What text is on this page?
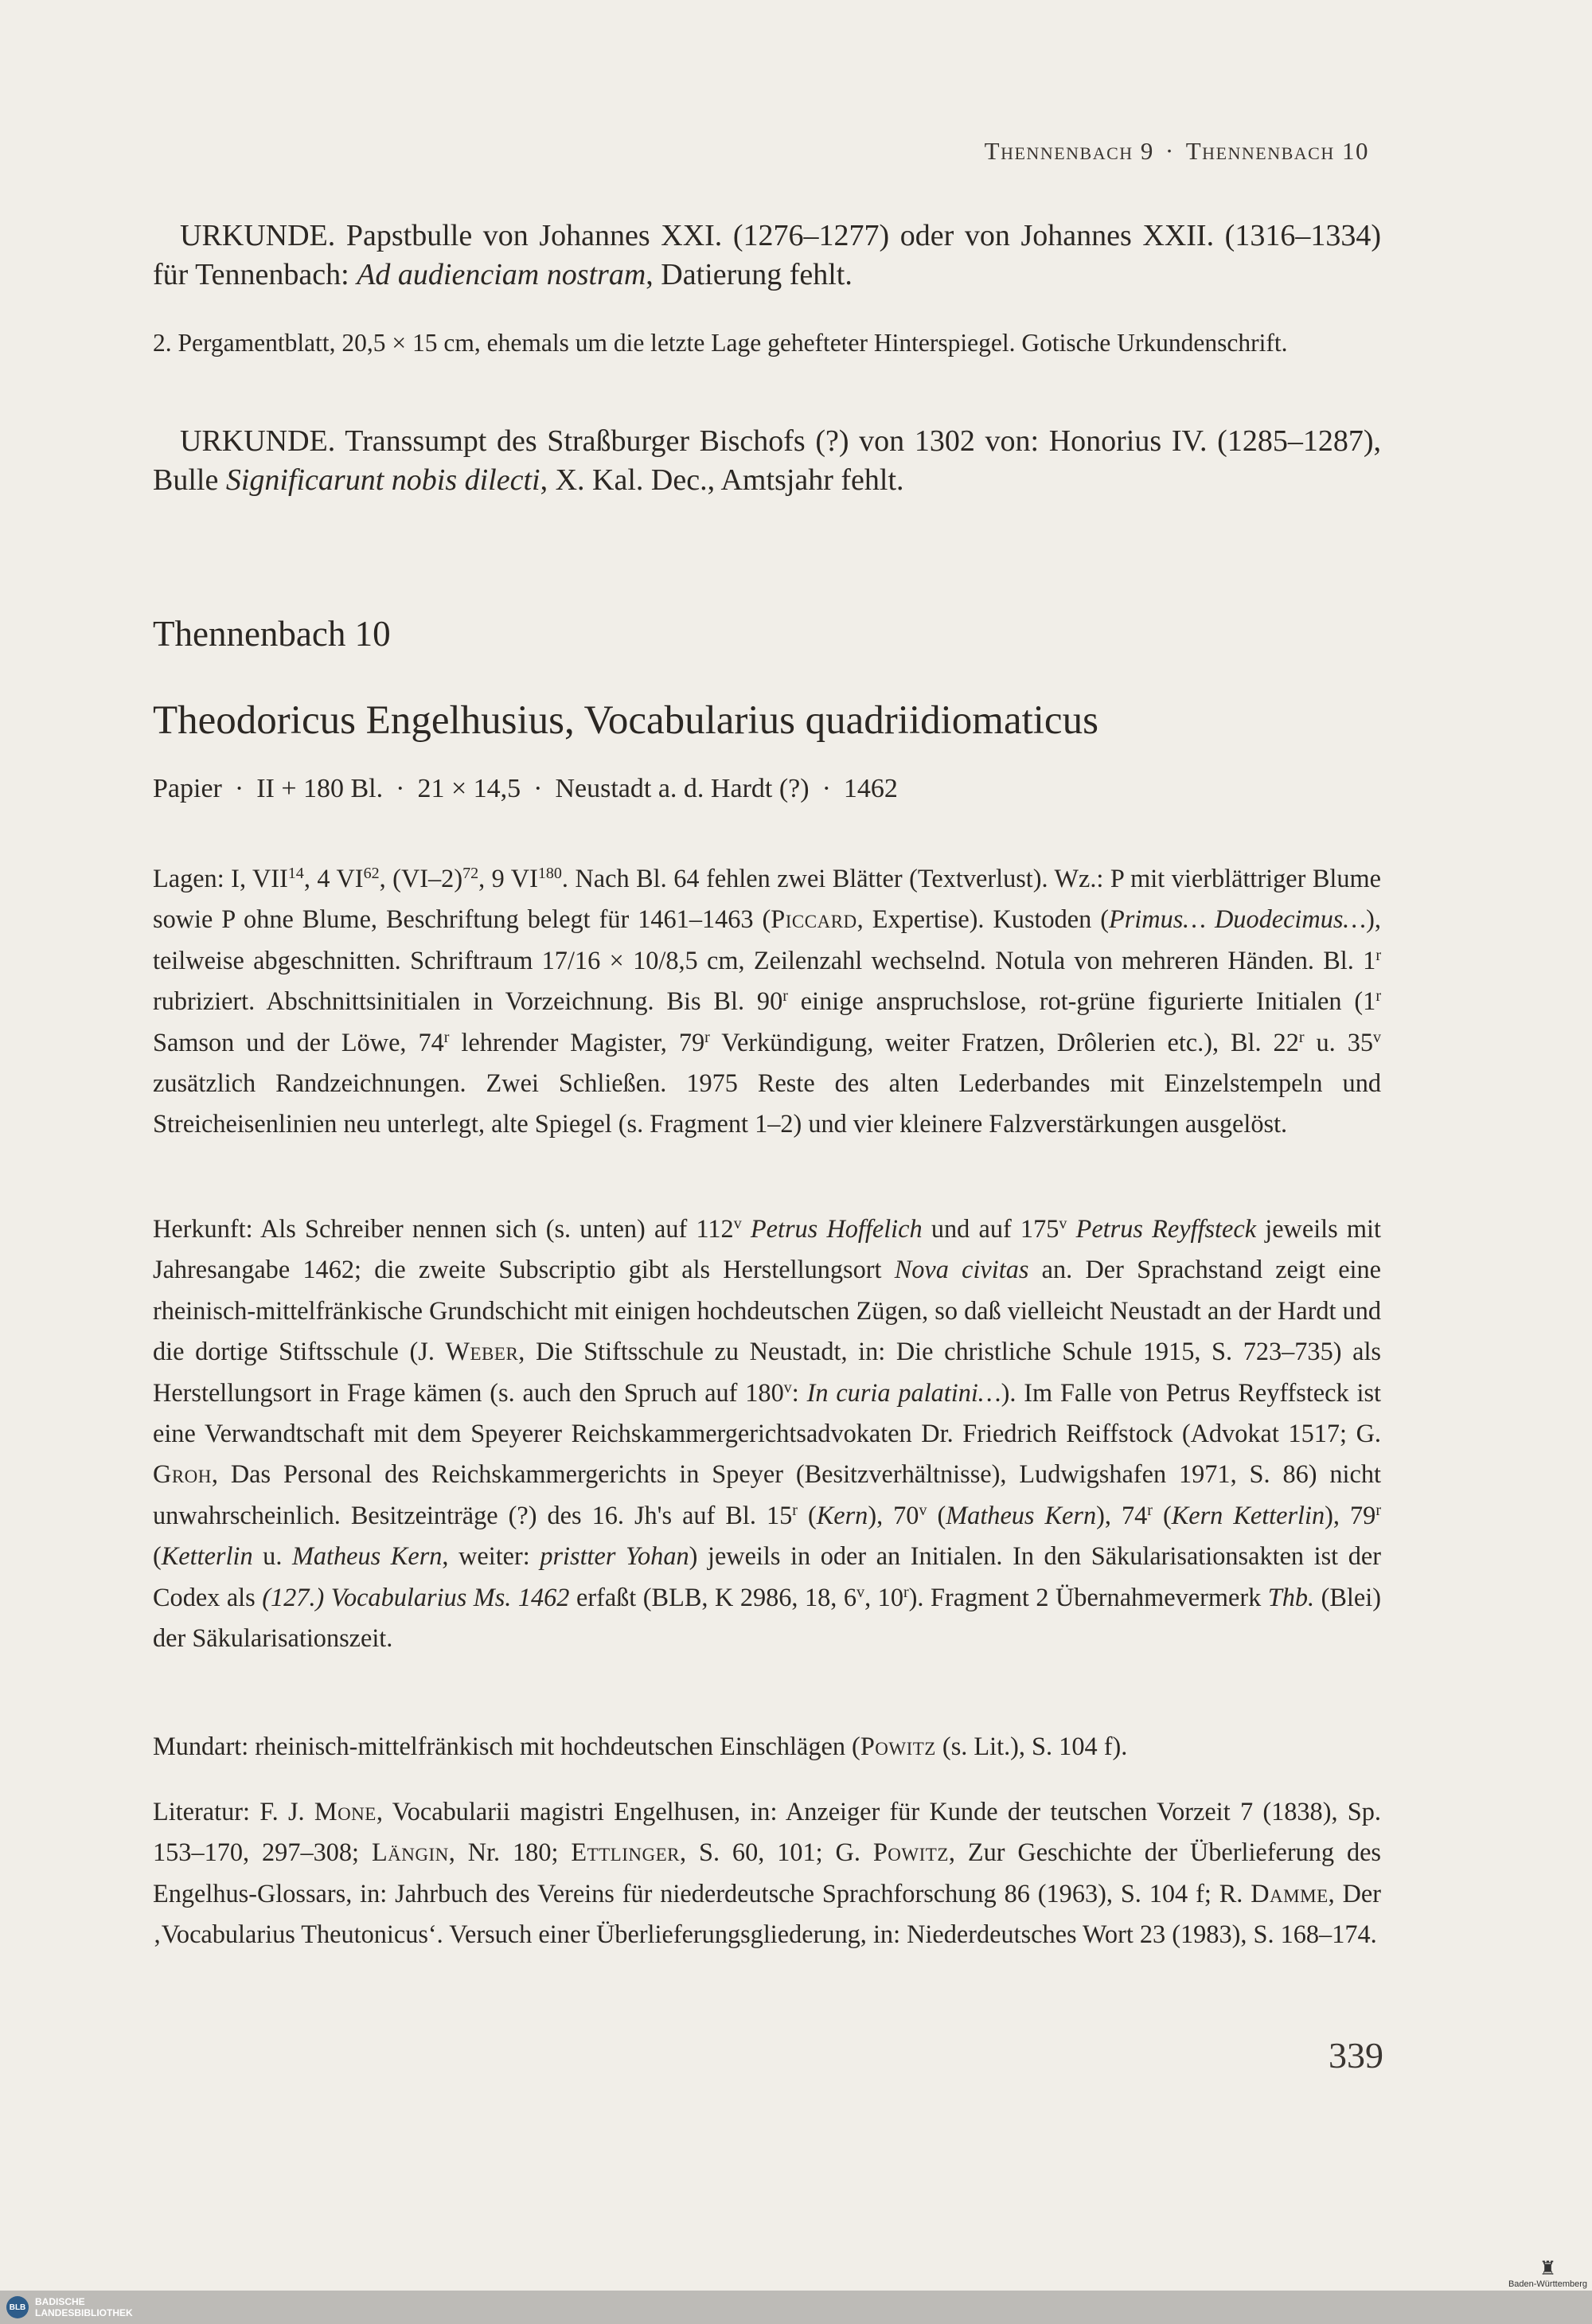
Thennenbach 9 · Thennenbach 10
URKUNDE. Papstbulle von Johannes XXI. (1276–1277) oder von Johannes XXII. (1316–1334) für Tennenbach: Ad audienciam nostram, Datierung fehlt.
2. Pergamentblatt, 20,5 × 15 cm, ehemals um die letzte Lage gehefteter Hinterspiegel. Gotische Urkundenschrift.
URKUNDE. Transsumpt des Straßburger Bischofs (?) von 1302 von: Honorius IV. (1285–1287), Bulle Significarunt nobis dilecti, X. Kal. Dec., Amtsjahr fehlt.
Thennenbach 10
Theodoricus Engelhusius, Vocabularius quadriidiomaticus
Papier · II + 180 Bl. · 21 × 14,5 · Neustadt a. d. Hardt (?) · 1462

Lagen: I, VII$^{14}$, 4 VI$^{62}$, $(VI-2)^{72}$, 9 VI$^{180}$. Nach Bl. 64 fehlen zwei Blätter (Textverlust). Wz.: P mit vierblättriger Blume sowie P ohne Blume, Beschriftung belegt für 1461–1463 (Piccard, Expertise). Kustoden (Primus… Duodecimus…), teilweise abgeschnitten. Schriftraum 17/16 × 10/8,5 cm, Zeilenzahl wechselnd. Notula von mehreren Händen. Bl. 1$^r$ rubriziert. Abschnittsinitialen in Vorzeichnung. Bis Bl. 90$^r$ einige anspruchslose, rot-grüne figurierte Initialen (1$^r$ Samson und der Löwe, 74$^r$ lehrender Magister, 79$^r$ Verkündigung, weiter Fratzen, Drôlerien etc.), Bl. 22$^r$ u. 35$^v$ zusätzlich Randzeichnungen. Zwei Schließen. 1975 Reste des alten Lederbandes mit Einzelstempeln und Streicheisenlinien neu unterlegt, alte Spiegel (s. Fragment 1–2) und vier kleinere Falzverstärkungen ausgelöst.

Herkunft: Als Schreiber nennen sich (s. unten) auf 112$^v$ Petrus Hoffelich und auf 175$^v$ Petrus Reyffsteck jeweils mit Jahresangabe 1462; die zweite Subscriptio gibt als Herstellungsort Nova civitas an. Der Sprachstand zeigt eine rheinisch-mittelfränkische Grundschicht mit einigen hochdeutschen Zügen, so daß vielleicht Neustadt an der Hardt und die dortige Stiftsschule (J. Weber, Die Stiftsschule zu Neustadt, in: Die christliche Schule 1915, S. 723–735) als Herstellungsort in Frage kämen (s. auch den Spruch auf 180$^v$: In curia palatini…). Im Falle von Petrus Reyffsteck ist eine Verwandtschaft mit dem Speyerer Reichskammergerichtsadvokaten Dr. Friedrich Reiffstock (Advokat 1517; G. Groh, Das Personal des Reichskammergerichts in Speyer (Besitzverhältnisse), Ludwigshafen 1971, S. 86) nicht unwahrscheinlich. Besitzeinträge (?) des 16. Jh's auf Bl. 15$^r$ (Kern), 70$^v$ (Matheus Kern), 74$^r$ (Kern Ketterlin), 79$^r$ (Ketterlin u. Matheus Kern, weiter: pristter Yohan) jeweils in oder an Initialen. In den Säkularisationsakten ist der Codex als (127.) Vocabularius Ms. 1462 erfaßt (BLB, K 2986, 18, 6$^v$, 10$^r$). Fragment 2 Übernahmevermerk Thb. (Blei) der Säkularisationszeit.

Mundart: rheinisch-mittelfränkisch mit hochdeutschen Einschlägen (Powitz (s. Lit.), S. 104 f).

Literatur: F. J. Mone, Vocabularii magistri Engelhusen, in: Anzeiger für Kunde der teutschen Vorzeit 7 (1838), Sp. 153–170, 297–308; Längin, Nr. 180; Ettlinger, S. 60, 101; G. Powitz, Zur Geschichte der Überlieferung des Engelhus-Glossars, in: Jahrbuch des Vereins für niederdeutsche Sprachforschung 86 (1963), S. 104 f; R. Damme, Der ‚Vocabularius Theutonicus‘. Versuch einer Überlieferungsgliederung, in: Niederdeutsches Wort 23 (1983), S. 168–174.

339
♜
Baden-Württemberg
BLB BADISCHE
LANDESBIBLIOTHEK
